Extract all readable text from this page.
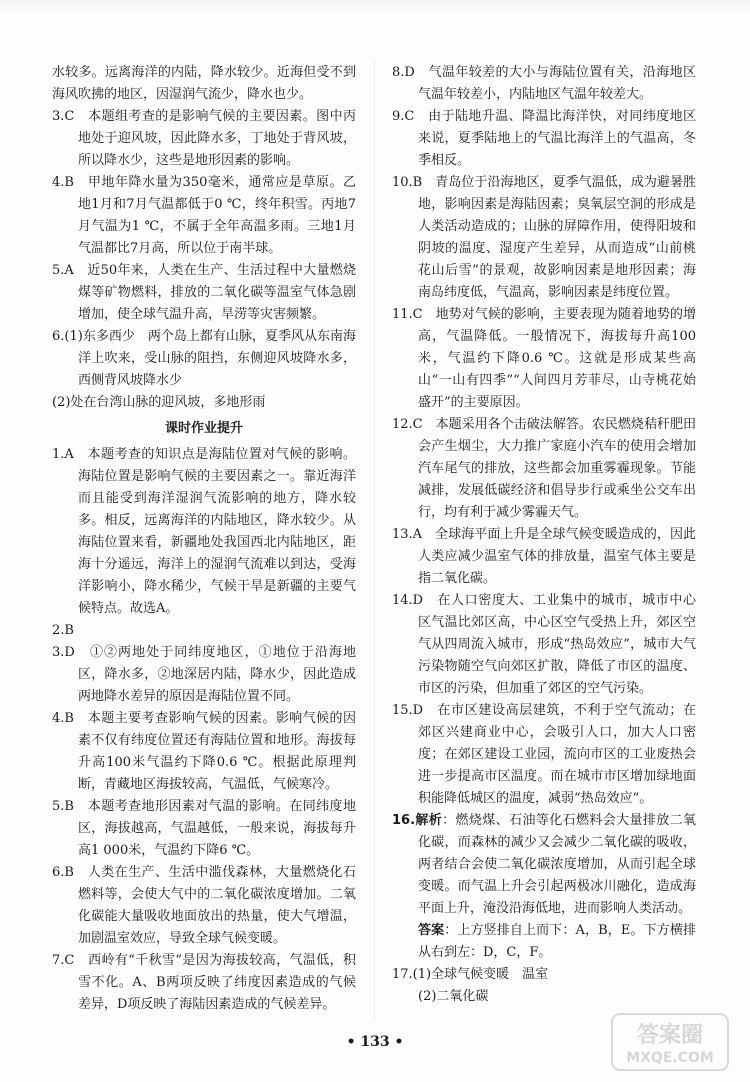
水较多。远离海洋的内陆，降水较少。近海但受不到海风吹拂的地区，因湿润气流少，降水也少。

3.C　本题组考查的是影响气候的主要因素。图中丙地处于迎风坡，因此降水多，丁地处于背风坡，所以降水少，这些是地形因素的影响。

4.B　甲地年降水量为350毫米，通常应是草原。乙地1月和7月气温都低于0 ℃，终年积雪。丙地7月气温为1 ℃，不属于全年高温多雨。三地1月气温都比7月高，所以位于南半球。

5.A　近50年来，人类在生产、生活过程中大量燃烧煤等矿物燃料，排放的二氧化碳等温室气体急剧增加，使全球气温升高，旱涝等灾害频繁。

6.(1)东多西少　两个岛上都有山脉，夏季风从东南海洋上吹来，受山脉的阻挡，东侧迎风坡降水多，西侧背风坡降水少

(2)处在台湾山脉的迎风坡，多地形雨

课时作业提升

1.A　本题考查的知识点是海陆位置对气候的影响。海陆位置是影响气候的主要因素之一。靠近海洋而且能受到海洋湿润气流影响的地方，降水较多。相反，远离海洋的内陆地区，降水较少。从海陆位置来看，新疆地处我国西北内陆地区，距海十分遥远，海洋上的湿润气流难以到达，受海洋影响小，降水稀少，气候干旱是新疆的主要气候特点。故选A。

2.B

3.D　①②两地处于同纬度地区，①地位于沿海地区，降水多，②地深居内陆，降水少，因此造成两地降水差异的原因是海陆位置不同。

4.B　本题主要考查影响气候的因素。影响气候的因素不仅有纬度位置还有海陆位置和地形。海拔每升高100米气温约下降0.6 ℃。根据此原理判断，青藏地区海拔较高，气温低，气候寒冷。

5.B　本题考查地形因素对气温的影响。在同纬度地区，海拔越高，气温越低，一般来说，海拔每升高1 000米，气温约下降6 ℃。

6.B　人类在生产、生活中滥伐森林，大量燃烧化石燃料等，会使大气中的二氧化碳浓度增加。二氧化碳能大量吸收地面放出的热量，使大气增温，加剧温室效应，导致全球气候变暖。

7.C　西岭有“千秋雪”是因为海拔较高，气温低，积雪不化。A、B两项反映了纬度因素造成的气候差异，D项反映了海陆因素造成的气候差异。

8.D　气温年较差的大小与海陆位置有关，沿海地区气温年较差小，内陆地区气温年较差大。

9.C　由于陆地升温、降温比海洋快，对同纬度地区来说，夏季陆地上的气温比海洋上的气温高，冬季相反。

10.B　青岛位于沿海地区，夏季气温低，成为避暑胜地，影响因素是海陆因素；臭氧层空洞的形成是人类活动造成的；山脉的屏障作用，使得阳坡和阴坡的温度、湿度产生差异，从而造成“山前桃花山后雪”的景观，故影响因素是地形因素；海南岛纬度低，气温高，影响因素是纬度位置。

11.C　地势对气候的影响，主要表现为随着地势的增高，气温降低。一般情况下，海拔每升高100米，气温约下降0.6 ℃。这就是形成某些高山“一山有四季”“人间四月芳菲尽，山寺桃花始盛开”的主要原因。

12.C　本题采用各个击破法解答。农民燃烧秸秆肥田会产生烟尘，大力推广家庭小汽车的使用会增加汽车尾气的排放，这些都会加重雾霾现象。节能减排，发展低碳经济和倡导步行或乘坐公交车出行，均有利于减少雾霾天气。

13.A　全球海平面上升是全球气候变暖造成的，因此人类应减少温室气体的排放量，温室气体主要是指二氧化碳。

14.D　在人口密度大、工业集中的城市，城市中心区气温比郊区高，中心区空气受热上升，郊区空气从四周流入城市，形成“热岛效应”，城市大气污染物随空气向郊区扩散，降低了市区的温度、市区的污染，但加重了郊区的空气污染。

15.D　在市区建设高层建筑，不利于空气流动；在郊区兴建商业中心，会吸引人口，加大人口密度；在郊区建设工业园，流向市区的工业废热会进一步提高市区温度。而在城市市区增加绿地面积能降低城区的温度，减弱“热岛效应”。

16.解析：燃烧煤、石油等化石燃料会大量排放二氧化碳，而森林的减少又会减少二氧化碳的吸收，两者结合会使二氧化碳浓度增加，从而引起全球变暖。而气温上升会引起两极冰川融化，造成海平面上升，淹没沿海低地，进而影响人类活动。

答案：上方竖排自上而下：A，B，E。下方横排从右到左：D，C，F。

17.(1)全球气候变暖　温室

(2)二氧化碳

• 133 •	答案圈
MXQE.COM
